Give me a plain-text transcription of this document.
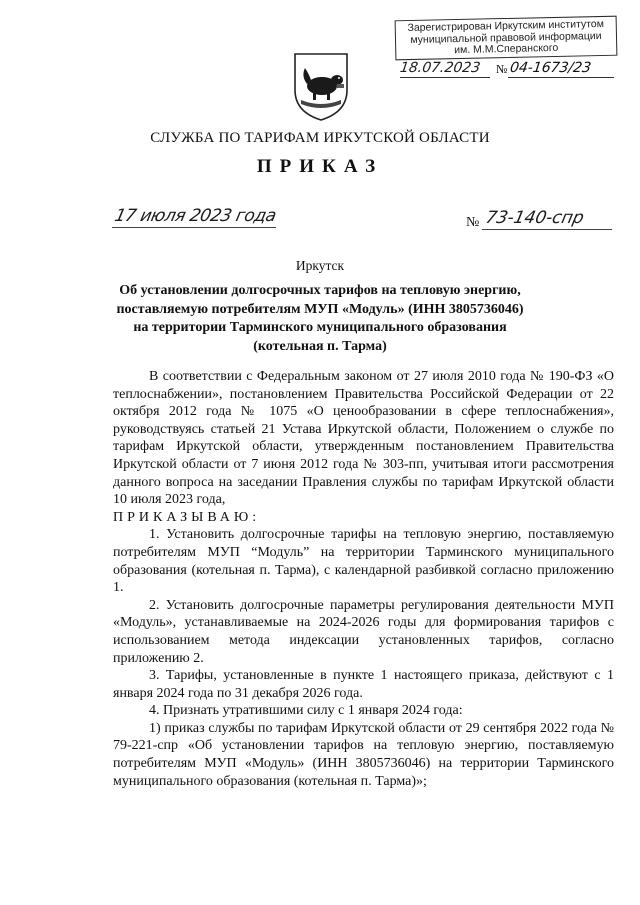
Зарегистрирован Иркутским институтом
муниципальной правовой информации
им. М.М.Сперанского
18.07.2023 № 04-1673/23
СЛУЖБА ПО ТАРИФАМ ИРКУТСКОЙ ОБЛАСТИ
ПРИКАЗ
17 июля 2023 года	№ 73-140-спр
Иркутск
Об установлении долгосрочных тарифов на тепловую энергию,
поставляемую потребителям МУП «Модуль» (ИНН 3805736046)
на территории Тарминского муниципального образования
(котельная п. Тарма)

В соответствии с Федеральным законом от 27 июля 2010 года № 190-ФЗ «О теплоснабжении», постановлением Правительства Российской Федерации от 22 октября 2012 года № 1075 «О ценообразовании в сфере теплоснабжения», руководствуясь статьей 21 Устава Иркутской области, Положением о службе по тарифам Иркутской области, утвержденным постановлением Правительства Иркутской области от 7 июня 2012 года № 303-пп, учитывая итоги рассмотрения данного вопроса на заседании Правления службы по тарифам Иркутской области 10 июля 2023 года,

ПРИКАЗЫВАЮ:

1. Установить долгосрочные тарифы на тепловую энергию, поставляемую потребителям МУП “Модуль” на территории Тарминского муниципального образования (котельная п. Тарма), с календарной разбивкой согласно приложению 1.

2. Установить долгосрочные параметры регулирования деятельности МУП «Модуль», устанавливаемые на 2024-2026 годы для формирования тарифов с использованием метода индексации установленных тарифов, согласно приложению 2.

3. Тарифы, установленные в пункте 1 настоящего приказа, действуют с 1 января 2024 года по 31 декабря 2026 года.

4. Признать утратившими силу с 1 января 2024 года:

1) приказ службы по тарифам Иркутской области от 29 сентября 2022 года № 79-221-спр «Об установлении тарифов на тепловую энергию, поставляемую потребителям МУП «Модуль» (ИНН 3805736046) на территории Тарминского муниципального образования (котельная п. Тарма)»;
